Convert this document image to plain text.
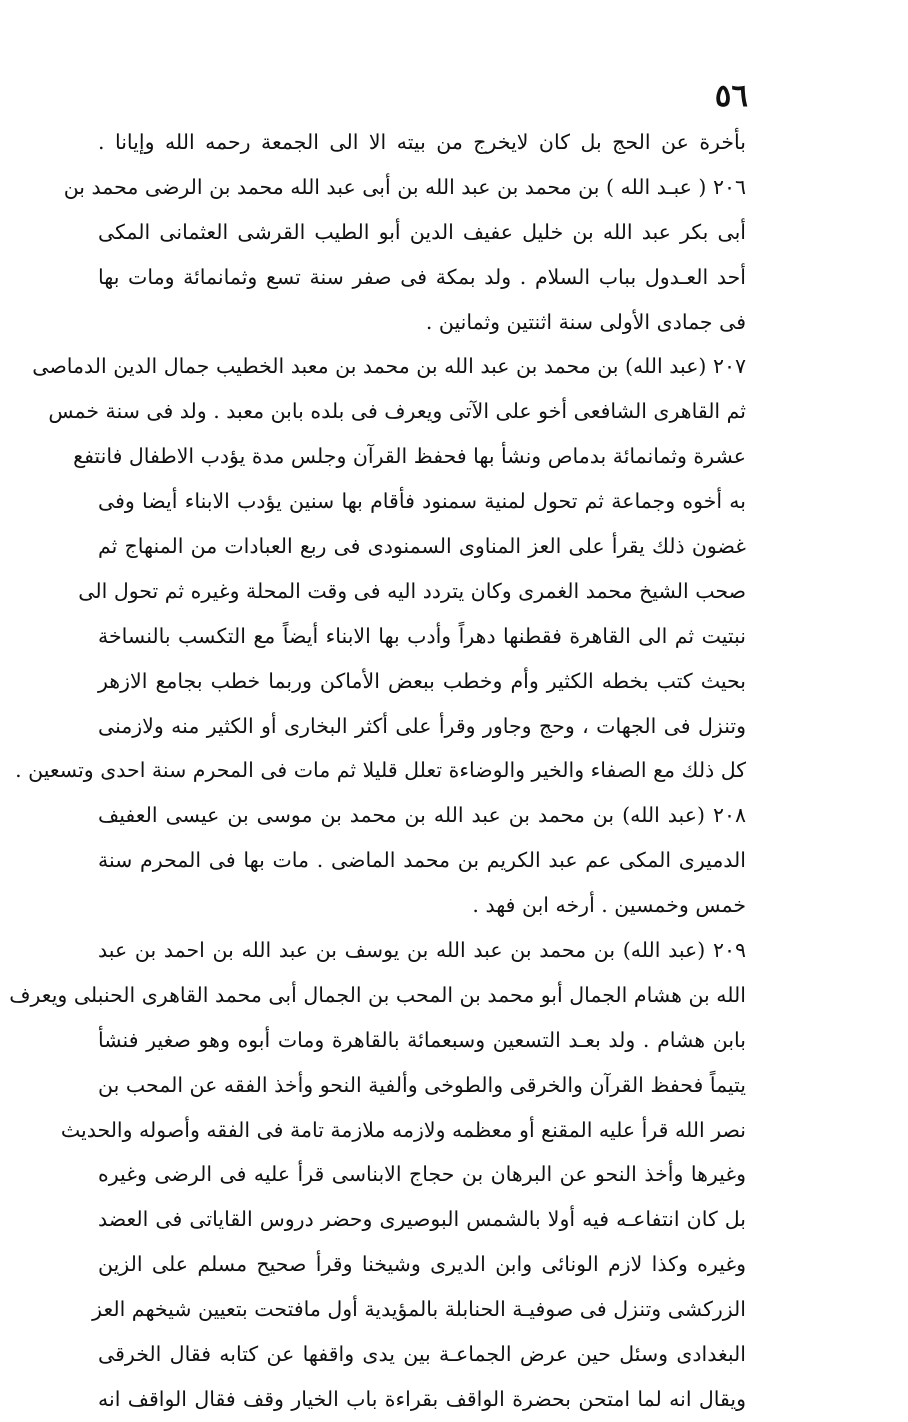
٥٦
بأخرة عن الحج بل كان لايخرج من بيته الا الى الجمعة رحمه الله وإيانا .
٢٠٦ ( عبـد الله ) بن محمد بن عبد الله بن أبى عبد الله محمد بن الرضى محمد بن
أبى بكر عبد الله بن خليل عفيف الدين أبو الطيب القرشى العثمانى المكى
أحد العـدول بباب السلام . ولد بمكة فى صفر سنة تسع وثمانمائة ومات بها
فى جمادى الأولى سنة اثنتين وثمانين .
٢٠٧ (عبد الله) بن محمد بن عبد الله بن محمد بن معبد الخطيب جمال الدين الدماصى
ثم القاهرى الشافعى أخو على الآتى ويعرف فى بلده بابن معبد . ولد فى سنة خمس
عشرة وثمانمائة بدماص ونشأ بها فحفظ القرآن وجلس مدة يؤدب الاطفال فانتفع
به أخوه وجماعة ثم تحول لمنية سمنود فأقام بها سنين يؤدب الابناء أيضا وفى
غضون ذلك يقرأ على العز المناوى السمنودى فى ربع العبادات من المنهاج ثم
صحب الشيخ محمد الغمرى وكان يتردد اليه فى وقت المحلة وغيره ثم تحول الى
نبتيت ثم الى القاهرة فقطنها دهراً وأدب بها الابناء أيضاً مع التكسب بالنساخة
بحيث كتب بخطه الكثير وأم وخطب ببعض الأماكن وربما خطب بجامع الازهر
وتنزل فى الجهات ، وحج وجاور وقرأ على أكثر البخارى أو الكثير منه ولازمنى
كل ذلك مع الصفاء والخير والوضاءة تعلل قليلا ثم مات فى المحرم سنة احدى وتسعين .
٢٠٨ (عبد الله) بن محمد بن عبد الله بن محمد بن موسى بن عيسى العفيف
الدميرى المكى عم عبد الكريم بن محمد الماضى . مات بها فى المحرم سنة
خمس وخمسين . أرخه ابن فهد .
٢٠٩ (عبد الله) بن محمد بن عبد الله بن يوسف بن عبد الله بن احمد بن عبد
الله بن هشام الجمال أبو محمد بن المحب بن الجمال أبى محمد القاهرى الحنبلى ويعرف
بابن هشام . ولد بعـد التسعين وسبعمائة بالقاهرة ومات أبوه وهو صغير فنشأ
يتيماً فحفظ القرآن والخرقى والطوخى وألفية النحو وأخذ الفقه عن المحب بن
نصر الله قرأ عليه المقنع أو معظمه ولازمه ملازمة تامة فى الفقه وأصوله والحديث
وغيرها وأخذ النحو عن البرهان بن حجاج الابناسى قرأ عليه فى الرضى وغيره
بل كان انتفاعـه فيه أولا بالشمس البوصيرى وحضر دروس القاياتى فى العضد
وغيره وكذا لازم الونائى وابن الديرى وشيخنا وقرأ صحيح مسلم على الزين
الزركشى وتنزل فى صوفيـة الحنابلة بالمؤيدية أول مافتحت بتعيين شيخهم العز
البغدادى وسئل حين عرض الجماعـة بين يدى واقفها عن كتابه فقال الخرقى
ويقال انه لما امتحن بحضرة الواقف بقراءة باب الخيار وقف فقال الواقف انه
